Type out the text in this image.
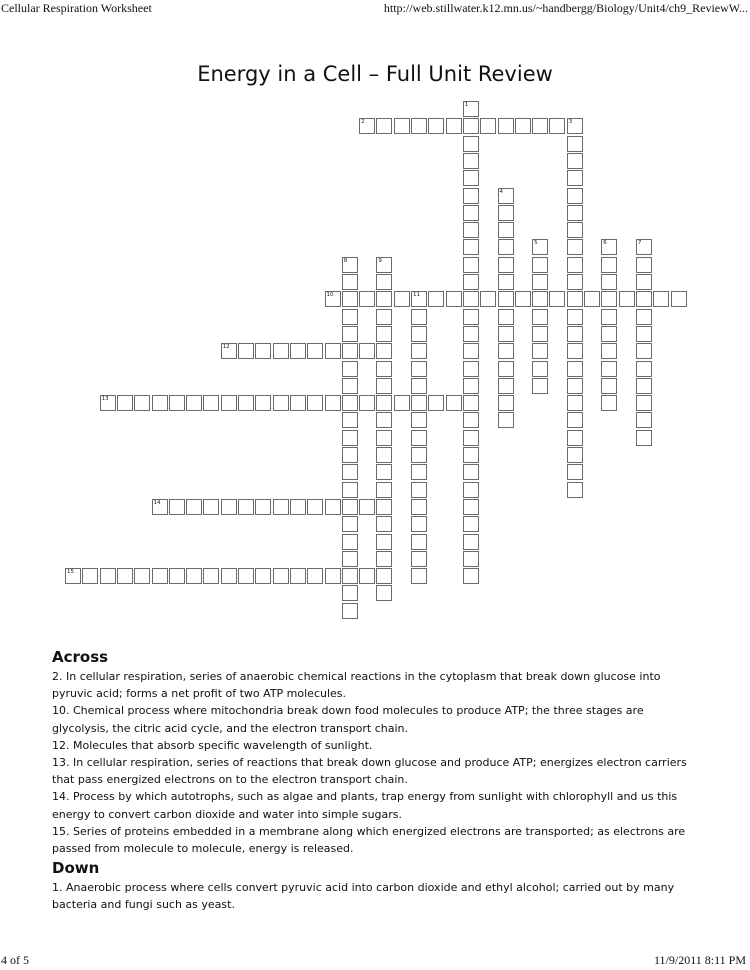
Cellular Respiration Worksheet	http://web.stillwater.k12.mn.us/~handbergg/Biology/Unit4/ch9_ReviewW...
Energy in a Cell – Full Unit Review
1
2	3
4
5	6	7
8	9
10	11
12
13
14
15
Across

2. In cellular respiration, series of anaerobic chemical reactions in the cytoplasm that break down glucose into pyruvic acid; forms a net profit of two ATP molecules.

10. Chemical process where mitochondria break down food molecules to produce ATP; the three stages are glycolysis, the citric acid cycle, and the electron transport chain.

12. Molecules that absorb specific wavelength of sunlight.

13. In cellular respiration, series of reactions that break down glucose and produce ATP; energizes electron carriers that pass energized electrons on to the electron transport chain.

14. Process by which autotrophs, such as algae and plants, trap energy from sunlight with chlorophyll and us this energy to convert carbon dioxide and water into simple sugars.

15. Series of proteins embedded in a membrane along which energized electrons are transported; as electrons are passed from molecule to molecule, energy is released.

Down

1. Anaerobic process where cells convert pyruvic acid into carbon dioxide and ethyl alcohol; carried out by many bacteria and fungi such as yeast.

4 of 5	11/9/2011 8:11 PM
